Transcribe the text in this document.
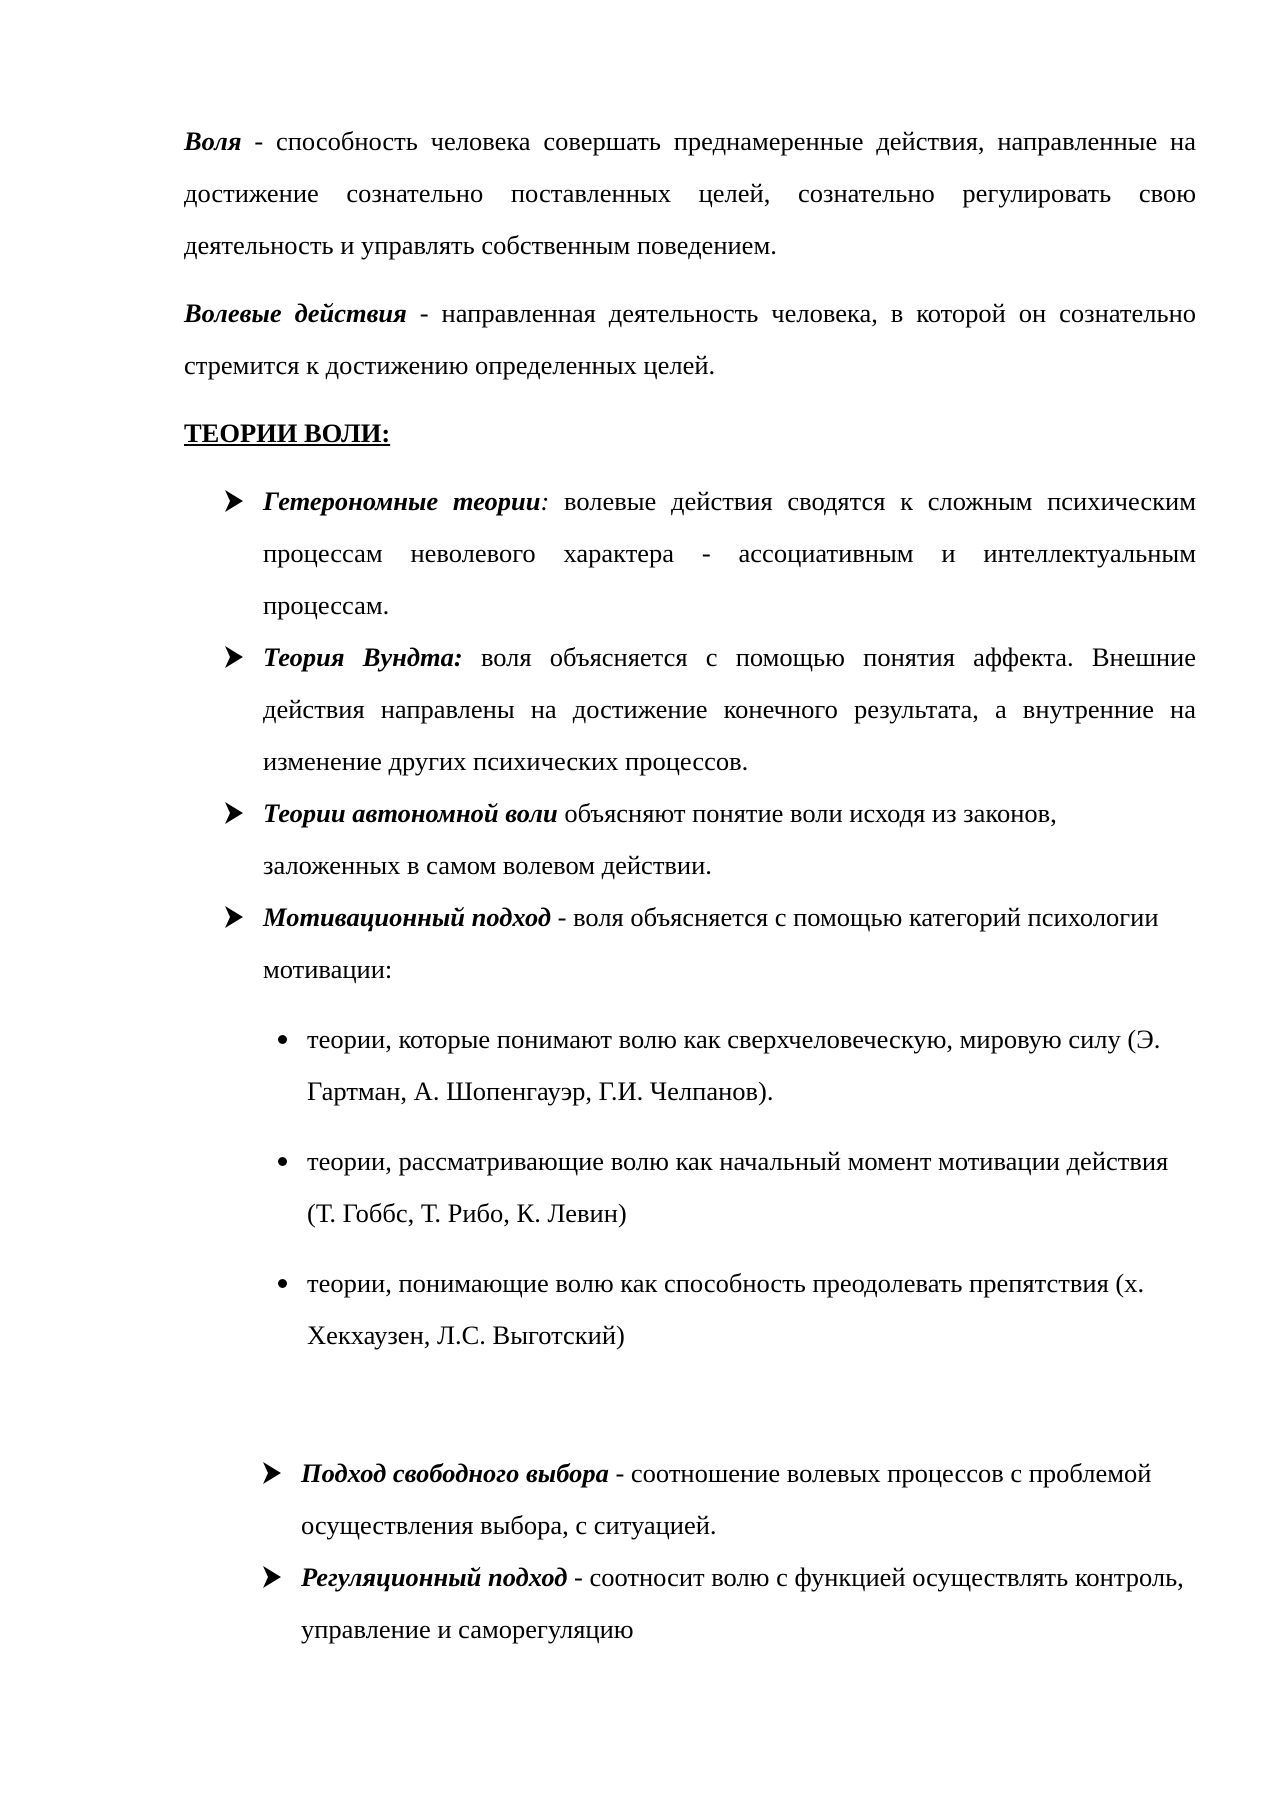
Воля - способность человека совершать преднамеренные действия, направленные на достижение сознательно поставленных целей, сознательно регулировать свою деятельность и управлять собственным поведением.

Волевые действия - направленная деятельность человека, в которой он сознательно стремится к достижению определенных целей.

ТЕОРИИ ВОЛИ:

Гетерономные теории: волевые действия сводятся к сложным психическим процессам неволевого характера - ассоциативным и интеллектуальным процессам.
Теория Вундта: воля объясняется с помощью понятия аффекта. Внешние действия направлены на достижение конечного результата, а внутренние на изменение других психических процессов.
Теории автономной воли объясняют понятие воли исходя из законов, заложенных в самом волевом действии.
Мотивационный подход - воля объясняется с помощью категорий психологии мотивации:
теории, которые понимают волю как сверхчеловеческую, мировую силу (Э. Гартман, А. Шопенгауэр, Г.И. Челпанов).
теории, рассматривающие волю как начальный момент мотивации действия (Т. Гоббс, Т. Рибо, К. Левин)
теории, понимающие волю как способность преодолевать препятствия (х. Хекхаузен, Л.С. Выготский)
Подход свободного выбора - соотношение волевых процессов с проблемой осуществления выбора, с ситуацией.
Регуляционный подход - соотносит волю с функцией осуществлять контроль, управление и саморегуляцию
